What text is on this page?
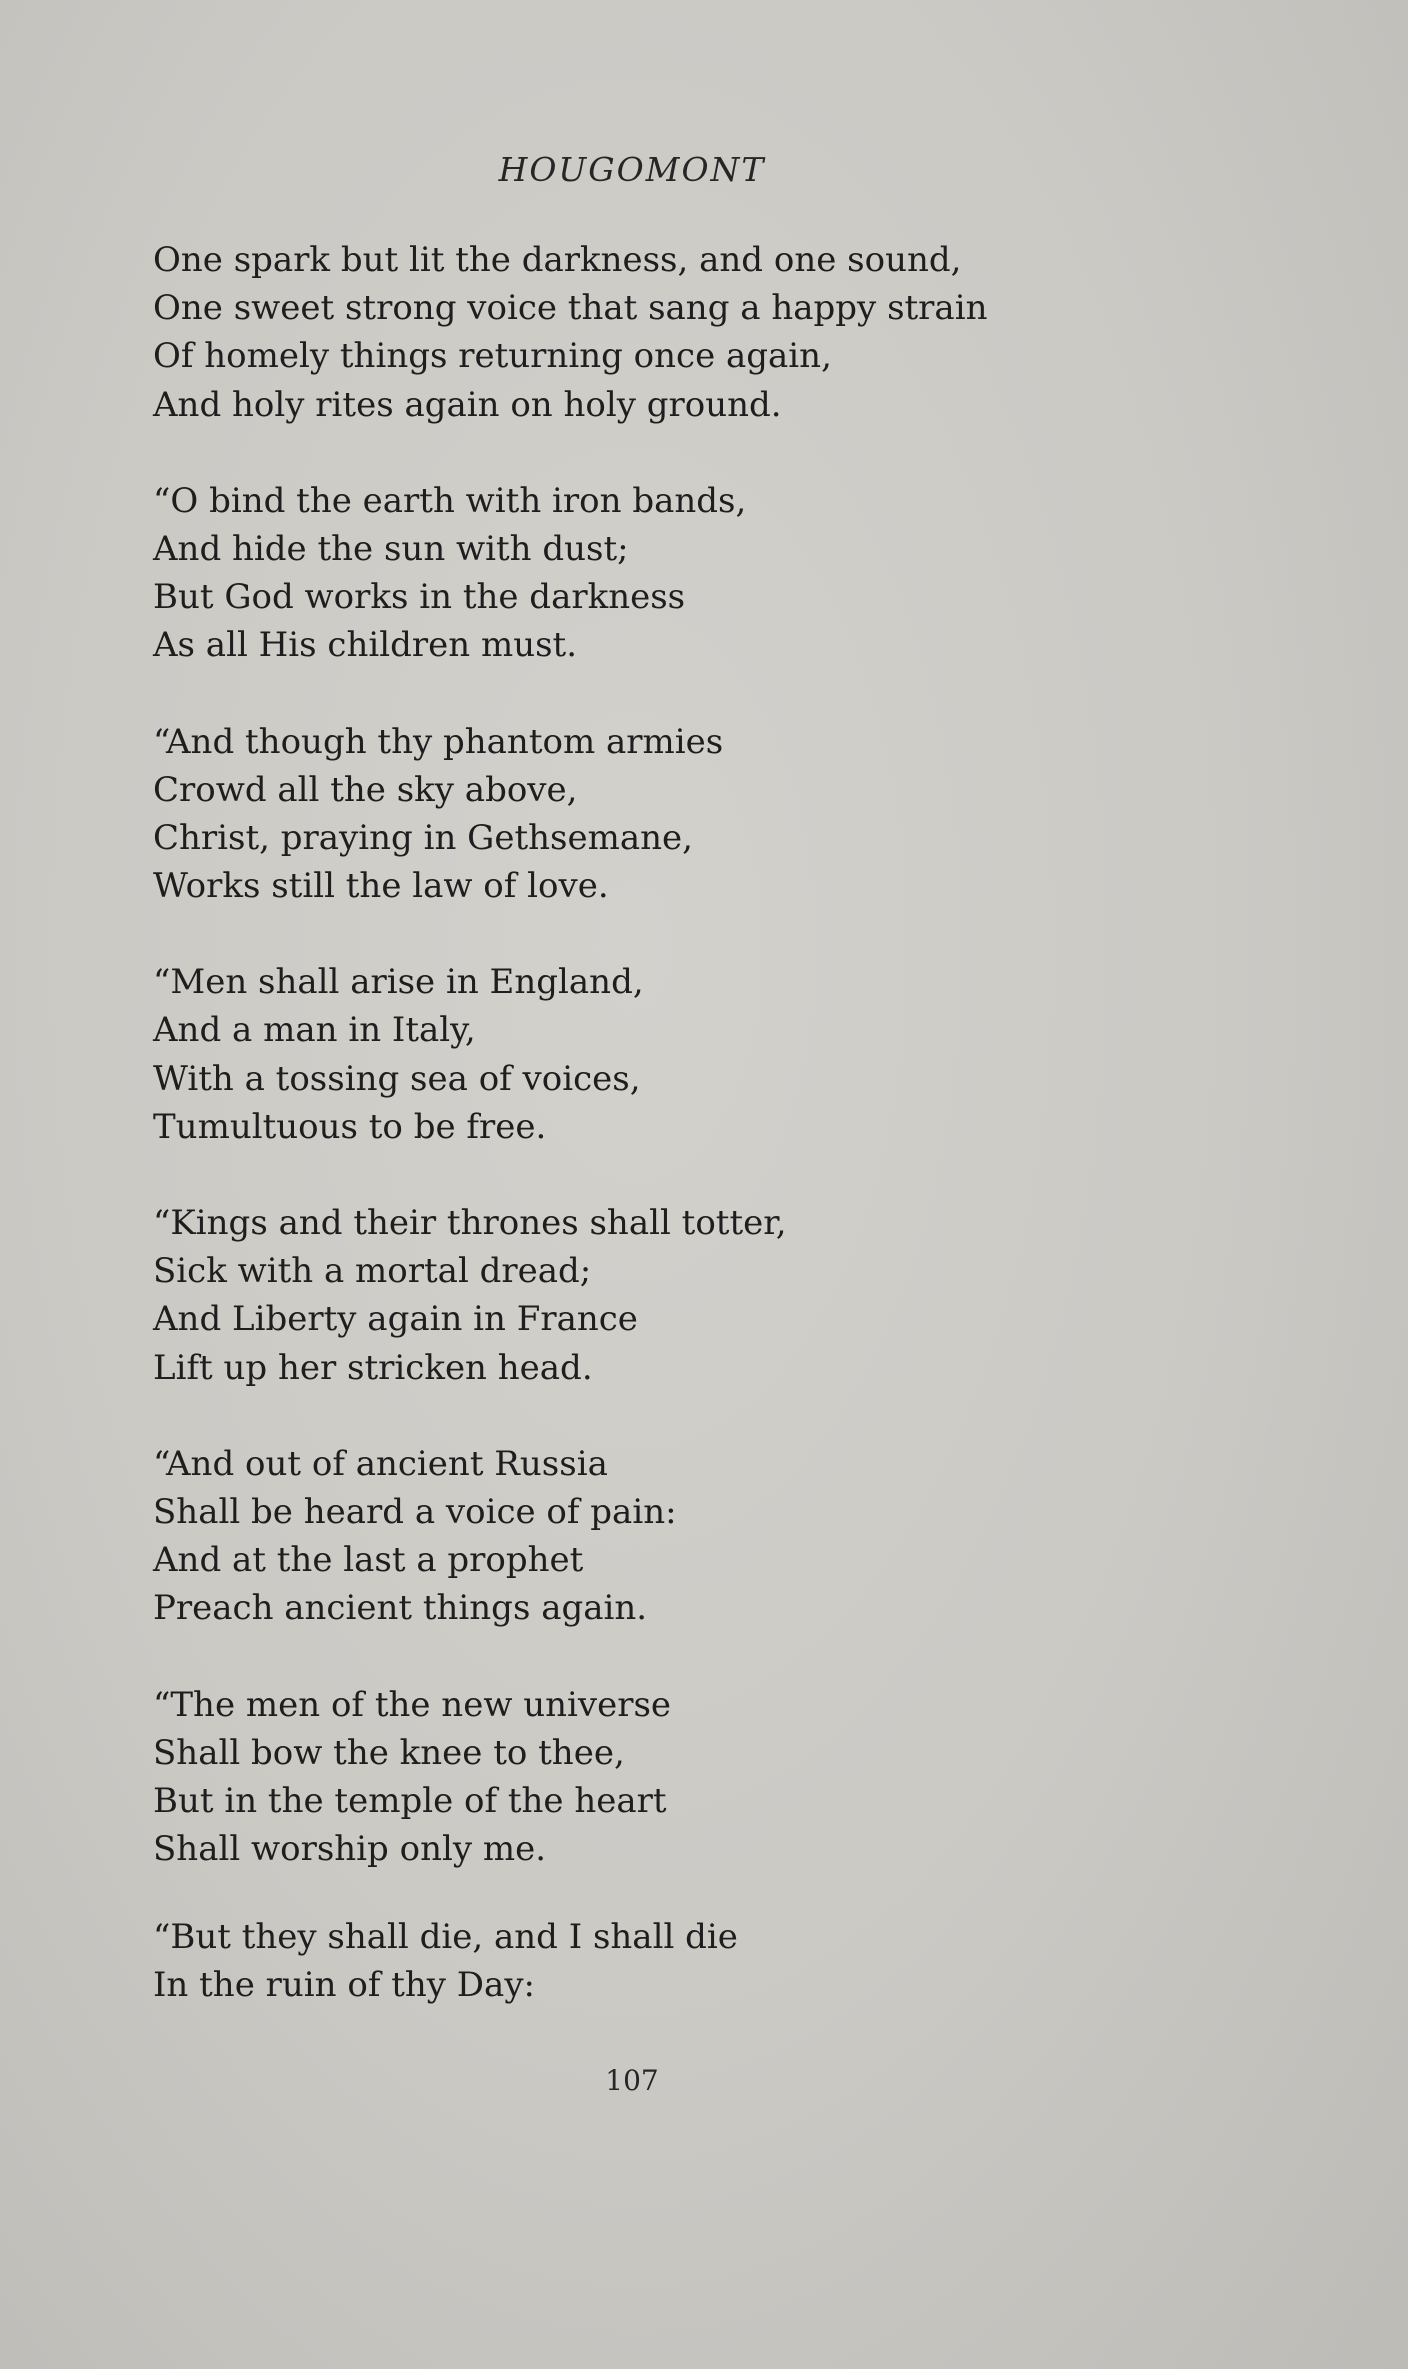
HOUGOMONT
One spark but lit the darkness, and one sound,
One sweet strong voice that sang a happy strain
Of homely things returning once again,
And holy rites again on holy ground.
“O bind the earth with iron bands,
And hide the sun with dust;
But God works in the darkness
As all His children must.
“And though thy phantom armies
Crowd all the sky above,
Christ, praying in Gethsemane,
Works still the law of love.
“Men shall arise in England,
And a man in Italy,
With a tossing sea of voices,
Tumultuous to be free.
“Kings and their thrones shall totter,
Sick with a mortal dread;
And Liberty again in France
Lift up her stricken head.
“And out of ancient Russia
Shall be heard a voice of pain:
And at the last a prophet
Preach ancient things again.
“The men of the new universe
Shall bow the knee to thee,
But in the temple of the heart
Shall worship only me.
“But they shall die, and I shall die
In the ruin of thy Day:
107
